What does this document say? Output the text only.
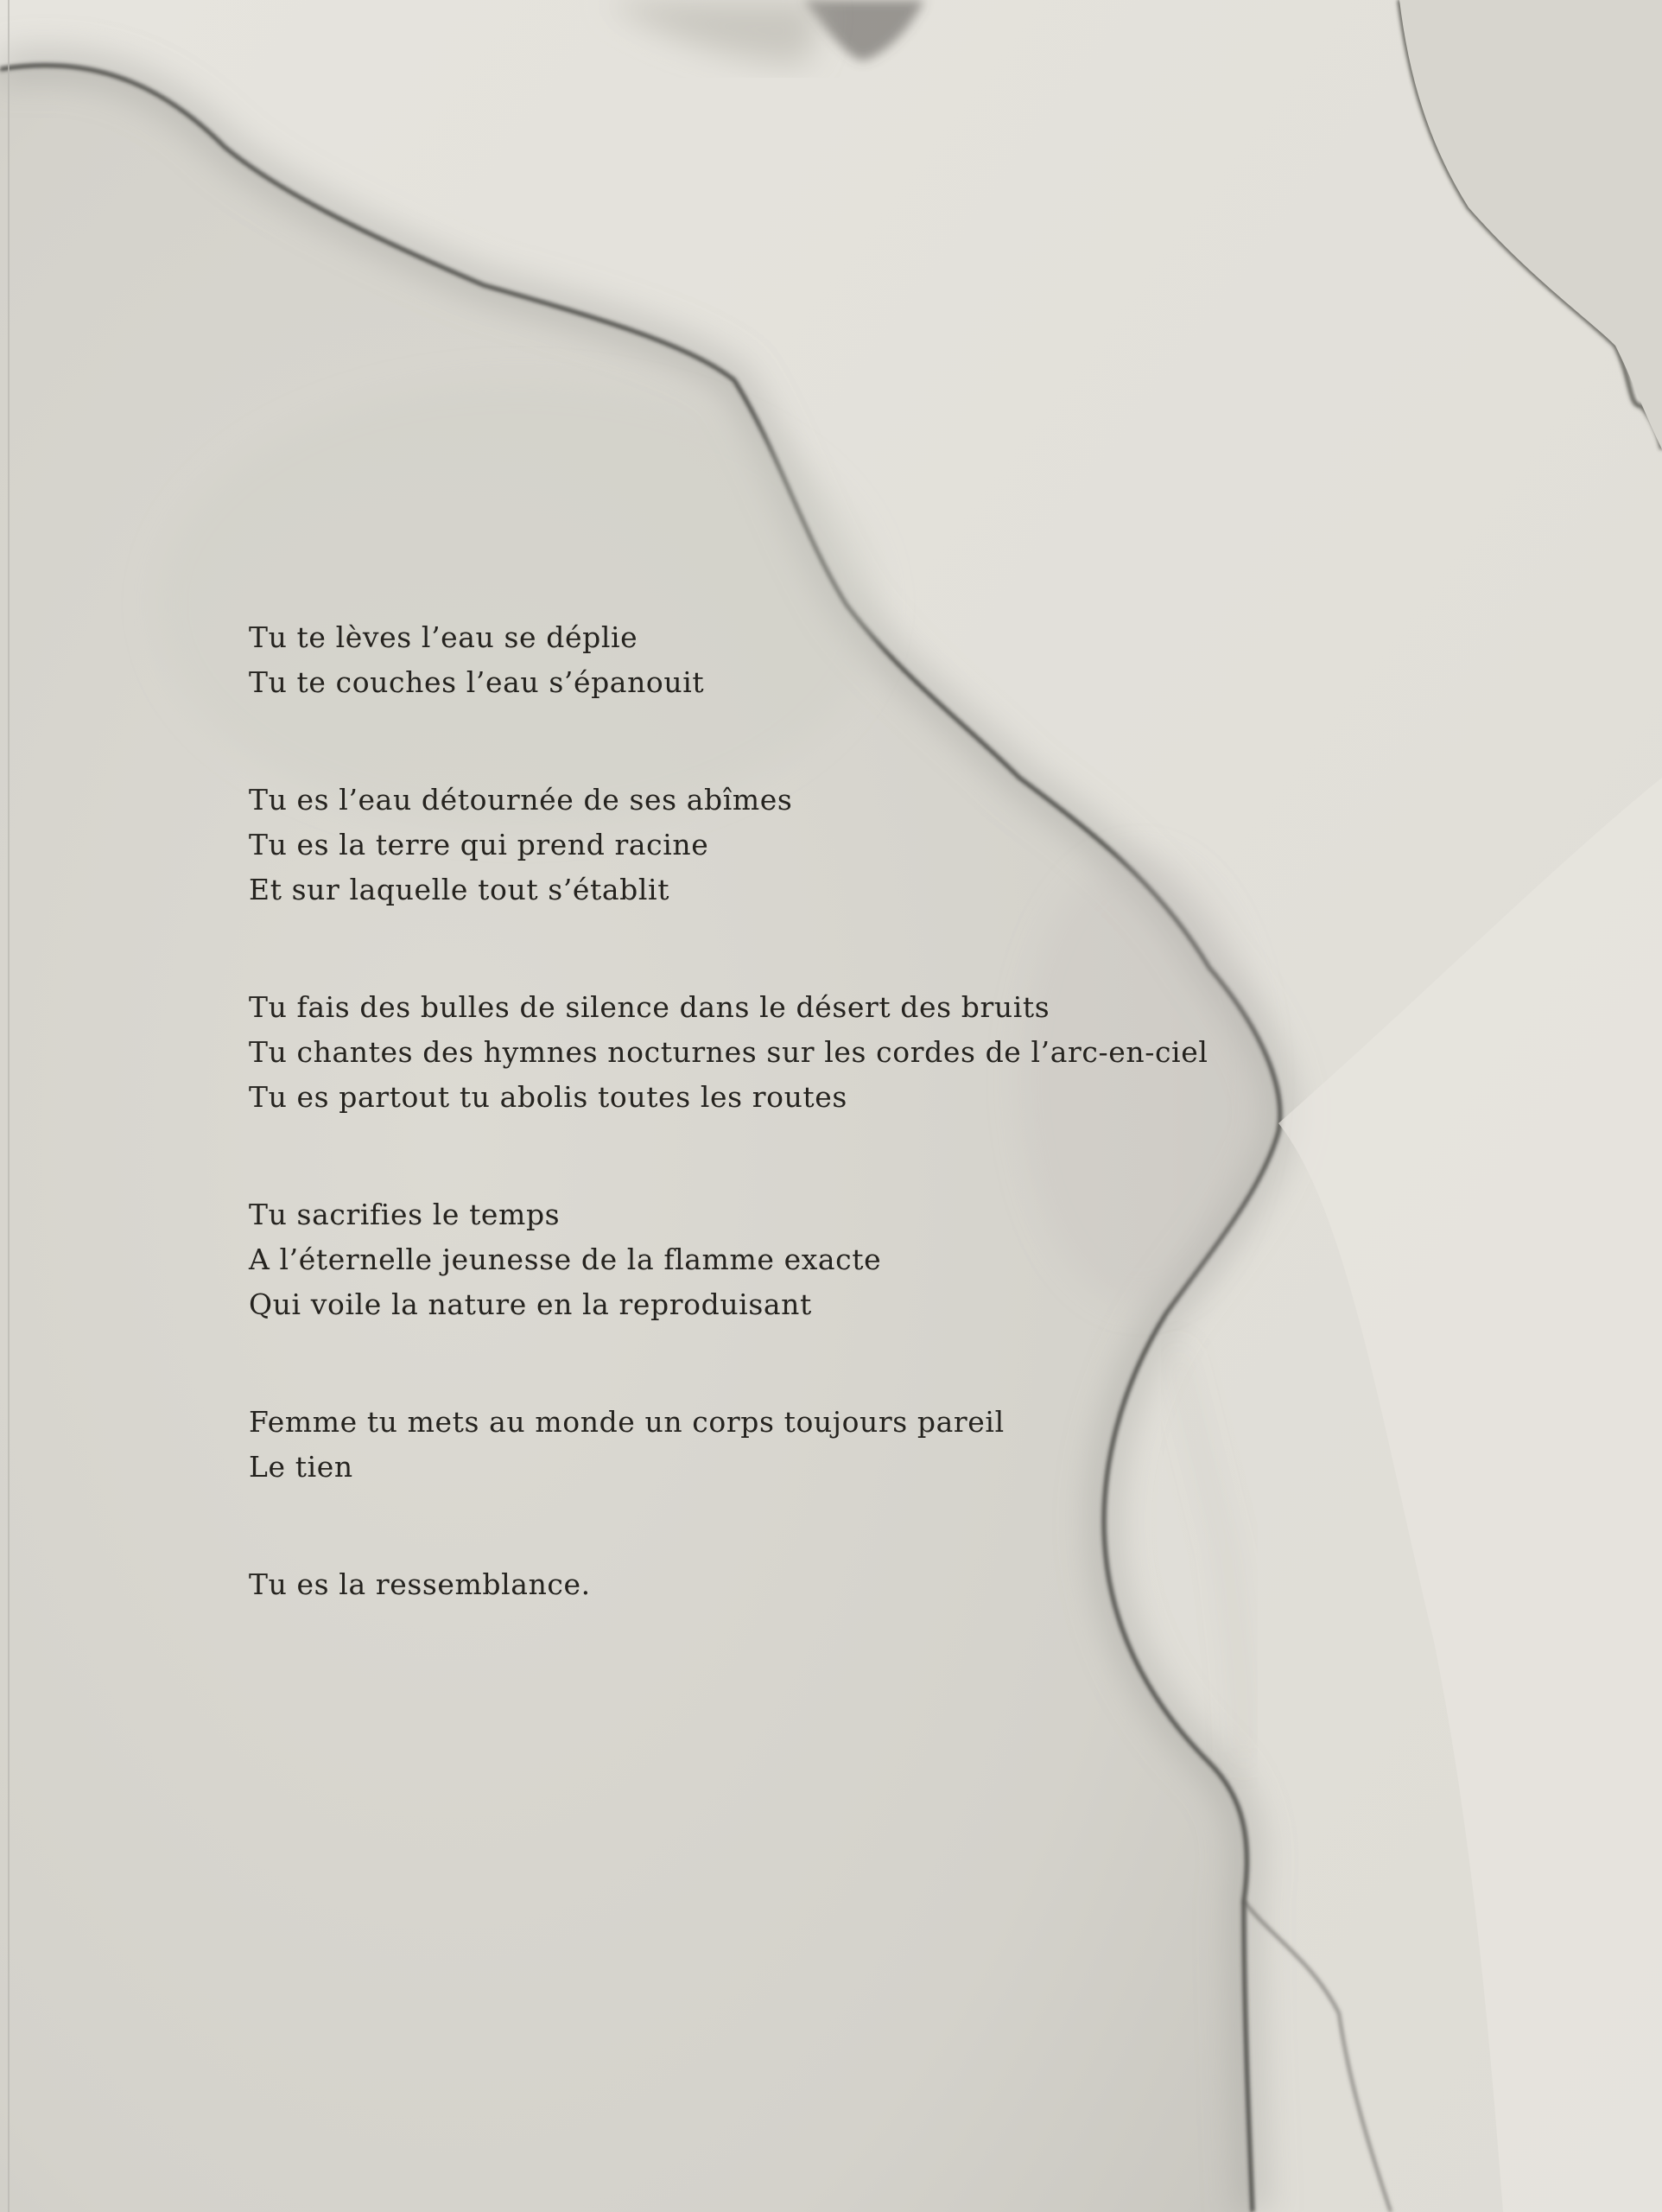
Tu te lèves l’eau se déplie
Tu te couches l’eau s’épanouit
Tu es l’eau détournée de ses abîmes
Tu es la terre qui prend racine
Et sur laquelle tout s’établit
Tu fais des bulles de silence dans le désert des bruits
Tu chantes des hymnes nocturnes sur les cordes de l’arc-en-ciel
Tu es partout tu abolis toutes les routes
Tu sacrifies le temps
A l’éternelle jeunesse de la flamme exacte
Qui voile la nature en la reproduisant
Femme tu mets au monde un corps toujours pareil
Le tien
Tu es la ressemblance.
